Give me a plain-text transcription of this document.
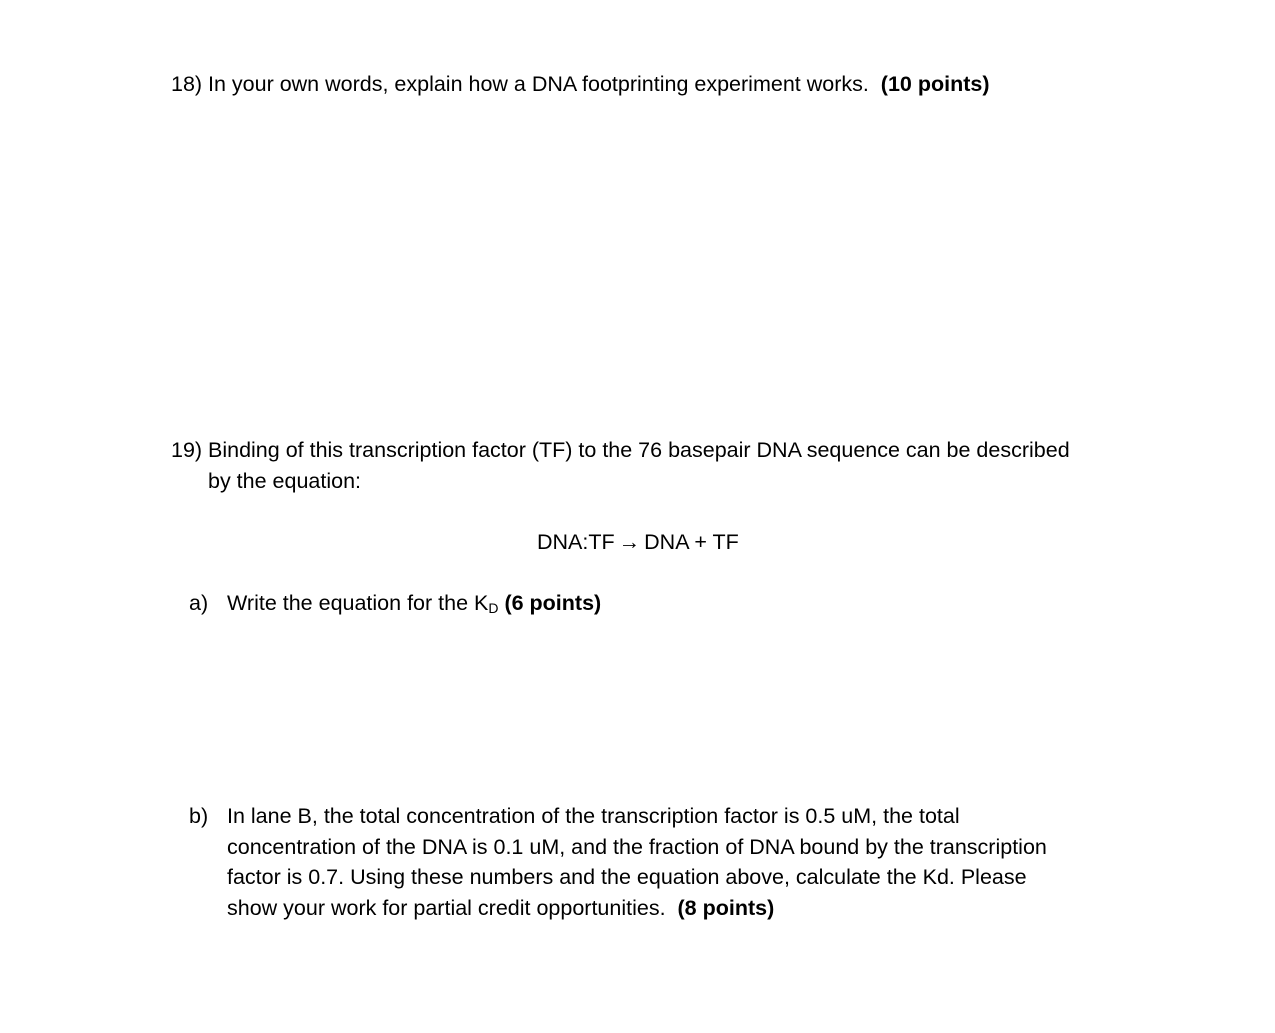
18) In your own words, explain how a DNA footprinting experiment works. (10 points)
19) Binding of this transcription factor (TF) to the 76 basepair DNA sequence can be described
by the equation:
DNA:TF → DNA + TF
a) Write the equation for the KD (6 points)
b) In lane B, the total concentration of the transcription factor is 0.5 uM, the total
concentration of the DNA is 0.1 uM, and the fraction of DNA bound by the transcription
factor is 0.7. Using these numbers and the equation above, calculate the Kd. Please
show your work for partial credit opportunities. (8 points)
